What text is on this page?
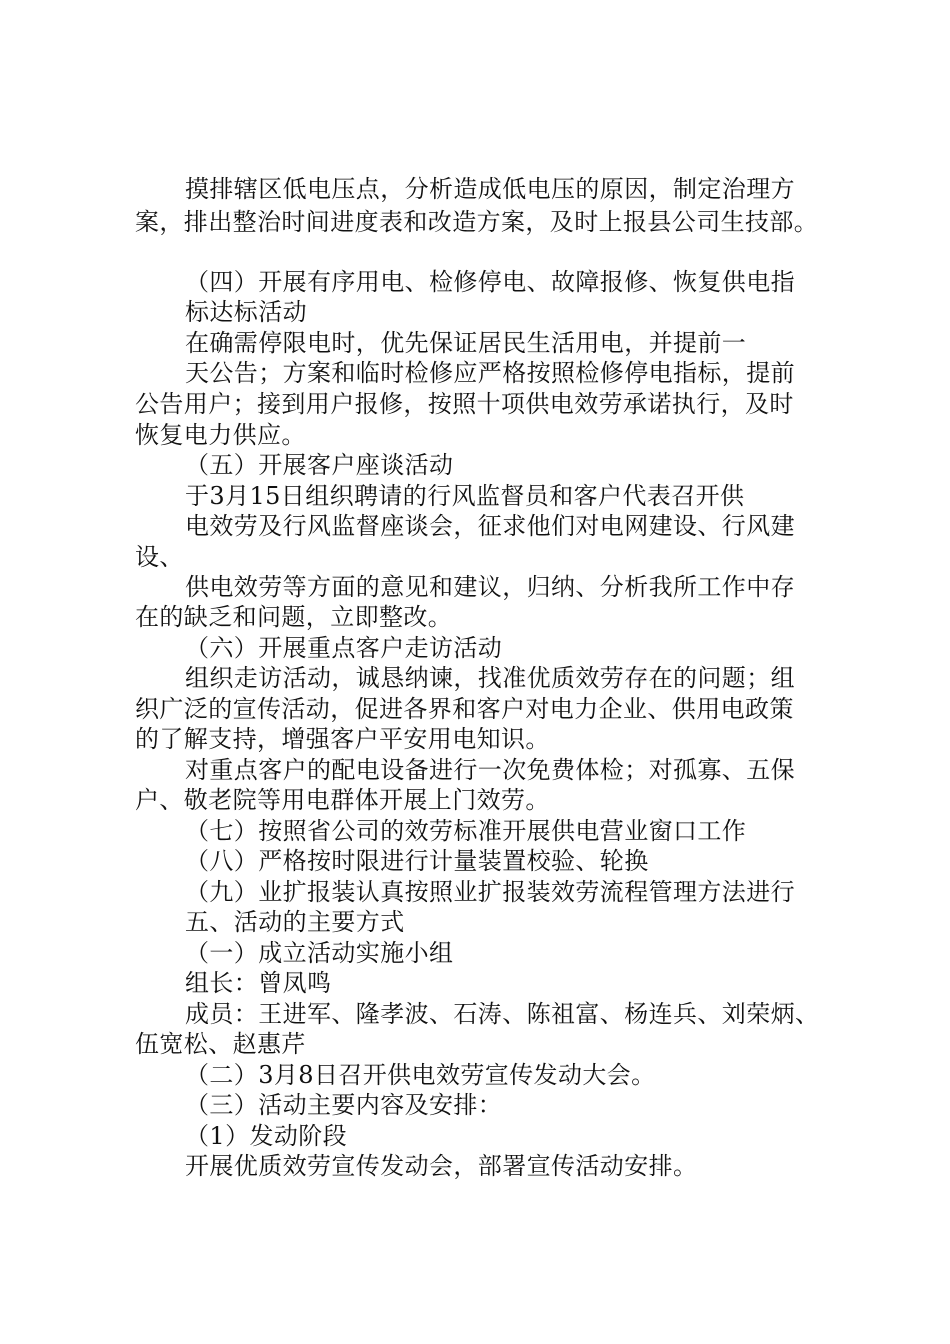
摸排辖区低电压点，分析造成低电压的原因，制定治理方
案，排出整治时间进度表和改造方案，及时上报县公司生技部。
（四）开展有序用电、检修停电、故障报修、恢复供电指
标达标活动
在确需停限电时，优先保证居民生活用电，并提前一
天公告；方案和临时检修应严格按照检修停电指标，提前
公告用户；接到用户报修，按照十项供电效劳承诺执行，及时
恢复电力供应。
（五）开展客户座谈活动
于3月15日组织聘请的行风监督员和客户代表召开供
电效劳及行风监督座谈会，征求他们对电网建设、行风建
设、
供电效劳等方面的意见和建议，归纳、分析我所工作中存
在的缺乏和问题，立即整改。
（六）开展重点客户走访活动
组织走访活动，诚恳纳谏，找准优质效劳存在的问题；组
织广泛的宣传活动，促进各界和客户对电力企业、供用电政策
的了解支持，增强客户平安用电知识。
对重点客户的配电设备进行一次免费体检；对孤寡、五保
户、敬老院等用电群体开展上门效劳。
（七）按照省公司的效劳标准开展供电营业窗口工作
（八）严格按时限进行计量装置校验、轮换
（九）业扩报装认真按照业扩报装效劳流程管理方法进行
五、活动的主要方式
（一）成立活动实施小组
组长：曾凤鸣
成员：王进军、隆孝波、石涛、陈祖富、杨连兵、刘荣炳、
伍宽松、赵惠芹
（二）3月8日召开供电效劳宣传发动大会。
（三）活动主要内容及安排：
（1）发动阶段
开展优质效劳宣传发动会，部署宣传活动安排。
